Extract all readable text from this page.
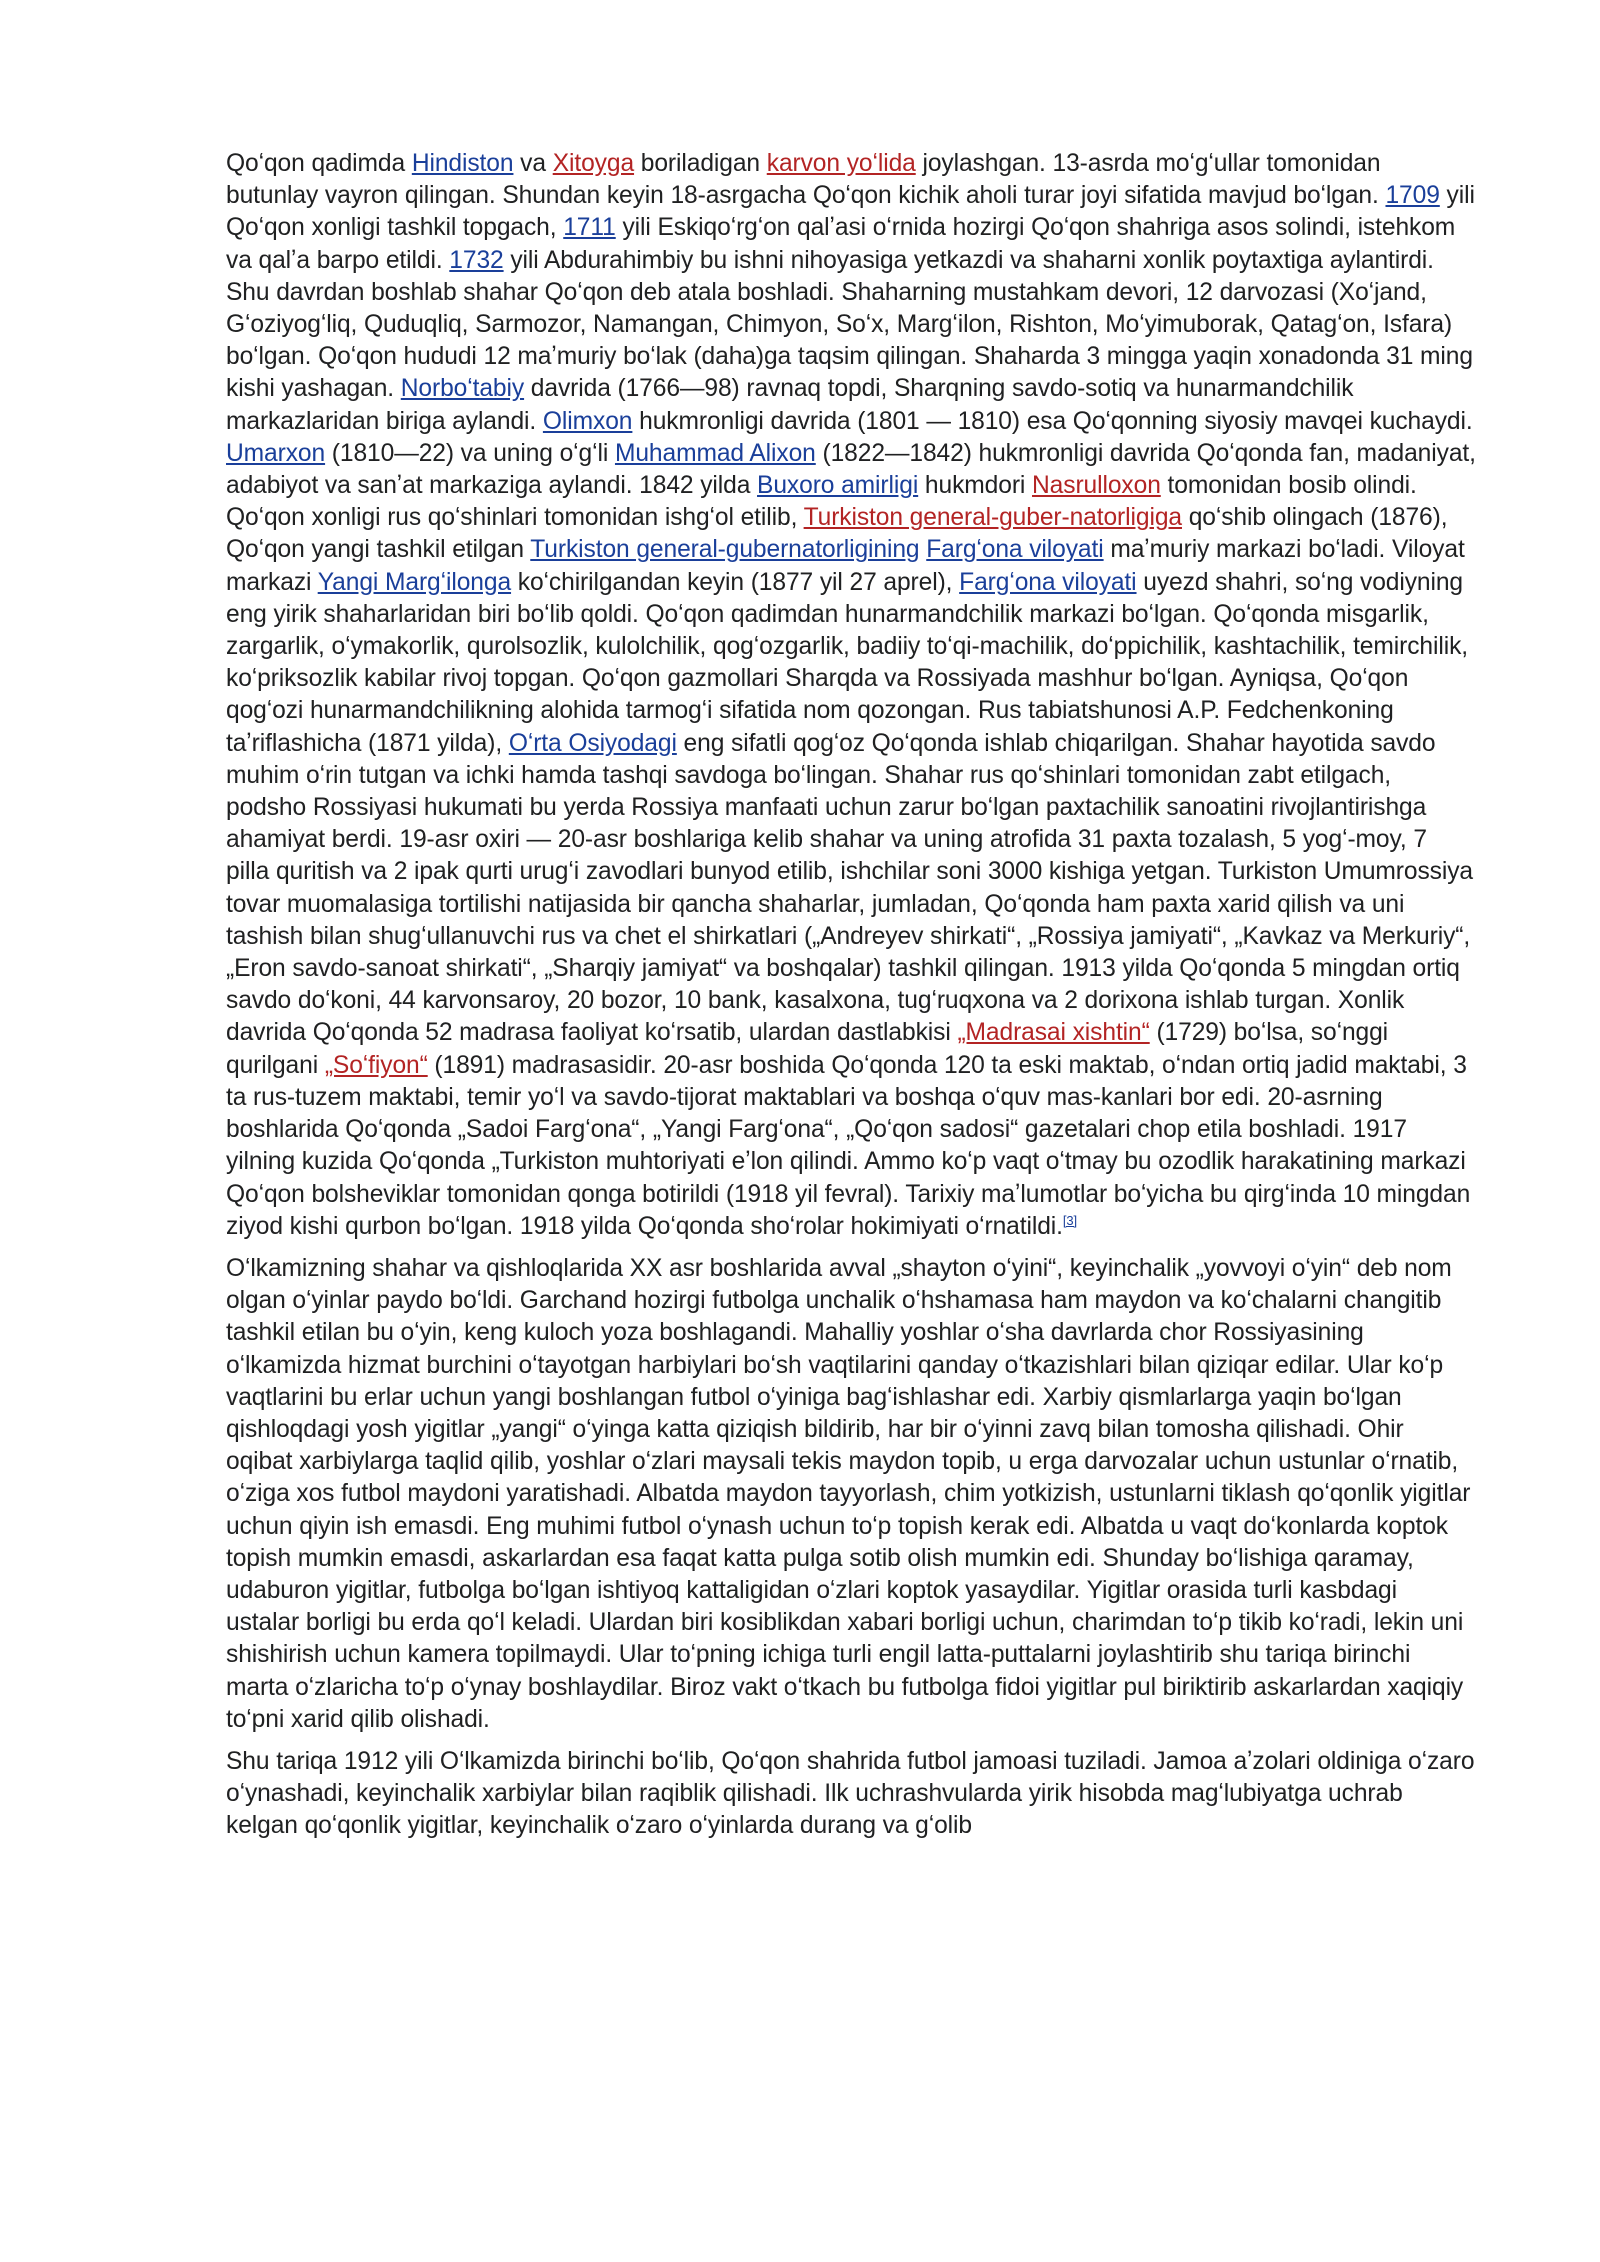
Qoʻqon qadimda Hindiston va Xitoyga boriladigan karvon yoʻlida joylashgan. 13-asrda moʻgʻullar tomonidan butunlay vayron qilingan. Shundan keyin 18-asrgacha Qoʻqon kichik aholi turar joyi sifatida mavjud boʻlgan. 1709 yili Qoʻqon xonligi tashkil topgach, 1711 yili Eskiqoʻrgʻon qalʼasi oʻrnida hozirgi Qoʻqon shahriga asos solindi, istehkom va qalʼa barpo etildi. 1732 yili Abdurahimbiy bu ishni nihoyasiga yetkazdi va shaharni xonlik poytaxtiga aylantirdi. Shu davrdan boshlab shahar Qoʻqon deb atala boshladi. Shaharning mustahkam devori, 12 darvozasi (Xoʻjand, Gʻoziyogʻliq, Quduqliq, Sarmozor, Namangan, Chimyon, Soʻx, Margʻilon, Rishton, Moʻyimuborak, Qatagʻon, Isfara) boʻlgan. Qoʻqon hududi 12 maʼmuriy boʻlak (daha)ga taqsim qilingan. Shaharda 3 mingga yaqin xonadonda 31 ming kishi yashagan. Norboʻtabiy davrida (1766—98) ravnaq topdi, Sharqning savdo-sotiq va hunarmandchilik markazlaridan biriga aylandi. Olimxon hukmronligi davrida (1801 — 1810) esa Qoʻqonning siyosiy mavqei kuchaydi. Umarxon (1810—22) va uning oʻgʻli Muhammad Alixon (1822—1842) hukmronligi davrida Qoʻqonda fan, madaniyat, adabiyot va sanʼat markaziga aylandi. 1842 yilda Buxoro amirligi hukmdori Nasrulloxon tomonidan bosib olindi. Qoʻqon xonligi rus qoʻshinlari tomonidan ishgʻol etilib, Turkiston general-guber-natorligiga qoʻshib olingach (1876), Qoʻqon yangi tashkil etilgan Turkiston general-gubernatorligining Fargʻona viloyati maʼmuriy markazi boʻladi. Viloyat markazi Yangi Margʻilonga koʻchirilgandan keyin (1877 yil 27 aprel), Fargʻona viloyati uyezd shahri, soʻng vodiyning eng yirik shaharlaridan biri boʻlib qoldi. Qoʻqon qadimdan hunarmandchilik markazi boʻlgan. Qoʻqonda misgarlik, zargarlik, oʻymakorlik, qurolsozlik, kulolchilik, qogʻozgarlik, badiiy toʻqi-machilik, doʻppichilik, kashtachilik, temirchilik, koʻpriksozlik kabilar rivoj topgan. Qoʻqon gazmollari Sharqda va Rossiyada mashhur boʻlgan. Ayniqsa, Qoʻqon qogʻozi hunarmandchilikning alohida tarmogʻi sifatida nom qozongan. Rus tabiatshunosi A.P. Fedchenkoning taʼriflashicha (1871 yilda), Oʻrta Osiyodagi eng sifatli qogʻoz Qoʻqonda ishlab chiqarilgan. Shahar hayotida savdo muhim oʻrin tutgan va ichki hamda tashqi savdoga boʻlingan. Shahar rus qoʻshinlari tomonidan zabt etilgach, podsho Rossiyasi hukumati bu yerda Rossiya manfaati uchun zarur boʻlgan paxtachilik sanoatini rivojlantirishga ahamiyat berdi. 19-asr oxiri — 20-asr boshlariga kelib shahar va uning atrofida 31 paxta tozalash, 5 yogʻ-moy, 7 pilla quritish va 2 ipak qurti urugʻi zavodlari bunyod etilib, ishchilar soni 3000 kishiga yetgan. Turkiston Umumrossiya tovar muomalasiga tortilishi natijasida bir qancha shaharlar, jumladan, Qoʻqonda ham paxta xarid qilish va uni tashish bilan shugʻullanuvchi rus va chet el shirkatlari („Andreyev shirkati“, „Rossiya jamiyati“, „Kavkaz va Merkuriy“, „Eron savdo-sanoat shirkati“, „Sharqiy jamiyat“ va boshqalar) tashkil qilingan. 1913 yilda Qoʻqonda 5 mingdan ortiq savdo doʻkoni, 44 karvonsaroy, 20 bozor, 10 bank, kasalxona, tugʻruqxona va 2 dorixona ishlab turgan. Xonlik davrida Qoʻqonda 52 madrasa faoliyat koʻrsatib, ulardan dastlabkisi „Madrasai xishtin“ (1729) boʻlsa, soʻnggi qurilgani „Soʻfiyon“ (1891) madrasasidir. 20-asr boshida Qoʻqonda 120 ta eski maktab, oʻndan ortiq jadid maktabi, 3 ta rus-tuzem maktabi, temir yoʻl va savdo-tijorat maktablari va boshqa oʻquv mas-kanlari bor edi. 20-asrning boshlarida Qoʻqonda „Sadoi Fargʻona“, „Yangi Fargʻona“, „Qoʻqon sadosi“ gazetalari chop etila boshladi. 1917 yilning kuzida Qoʻqonda „Turkiston muhtoriyati eʼlon qilindi. Ammo koʻp vaqt oʻtmay bu ozodlik harakatining markazi Qoʻqon bolsheviklar tomonidan qonga botirildi (1918 yil fevral). Tarixiy maʼlumotlar boʻyicha bu qirgʻinda 10 mingdan ziyod kishi qurbon boʻlgan. 1918 yilda Qoʻqonda shoʻrolar hokimiyati oʻrnatildi.[3]

Oʻlkamizning shahar va qishloqlarida XX asr boshlarida avval „shayton oʻyini“, keyinchalik „yovvoyi oʻyin“ deb nom olgan oʻyinlar paydo boʻldi. Garchand hozirgi futbolga unchalik oʻhshamasa ham maydon va koʻchalarni changitib tashkil etilan bu oʻyin, keng kuloch yoza boshlagandi. Mahalliy yoshlar oʻsha davrlarda chor Rossiyasining oʻlkamizda hizmat burchini oʻtayotgan harbiylari boʻsh vaqtilarini qanday oʻtkazishlari bilan qiziqar edilar. Ular koʻp vaqtlarini bu erlar uchun yangi boshlangan futbol oʻyiniga bagʻishlashar edi. Xarbiy qismlarlarga yaqin boʻlgan qishloqdagi yosh yigitlar „yangi“ oʻyinga katta qiziqish bildirib, har bir oʻyinni zavq bilan tomosha qilishadi. Ohir oqibat xarbiylarga taqlid qilib, yoshlar oʻzlari maysali tekis maydon topib, u erga darvozalar uchun ustunlar oʻrnatib, oʻziga xos futbol maydoni yaratishadi. Albatda maydon tayyorlash, chim yotkizish, ustunlarni tiklash qoʻqonlik yigitlar uchun qiyin ish emasdi. Eng muhimi futbol oʻynash uchun toʻp topish kerak edi. Albatda u vaqt doʻkonlarda koptok topish mumkin emasdi, askarlardan esa faqat katta pulga sotib olish mumkin edi. Shunday boʻlishiga qaramay, udaburon yigitlar, futbolga boʻlgan ishtiyoq kattaligidan oʻzlari koptok yasaydilar. Yigitlar orasida turli kasbdagi ustalar borligi bu erda qoʻl keladi. Ulardan biri kosiblikdan xabari borligi uchun, charimdan toʻp tikib koʻradi, lekin uni shishirish uchun kamera topilmaydi. Ular toʻpning ichiga turli engil latta-puttalarni joylashtirib shu tariqa birinchi marta oʻzlaricha toʻp oʻynay boshlaydilar. Biroz vakt oʻtkach bu futbolga fidoi yigitlar pul biriktirib askarlardan xaqiqiy toʻpni xarid qilib olishadi.

Shu tariqa 1912 yili Oʻlkamizda birinchi boʻlib, Qoʻqon shahrida futbol jamoasi tuziladi. Jamoa aʼzolari oldiniga oʻzaro oʻynashadi, keyinchalik xarbiylar bilan raqiblik qilishadi. Ilk uchrashvularda yirik hisobda magʻlubiyatga uchrab kelgan qoʻqonlik yigitlar, keyinchalik oʻzaro oʻyinlarda durang va gʻolib
